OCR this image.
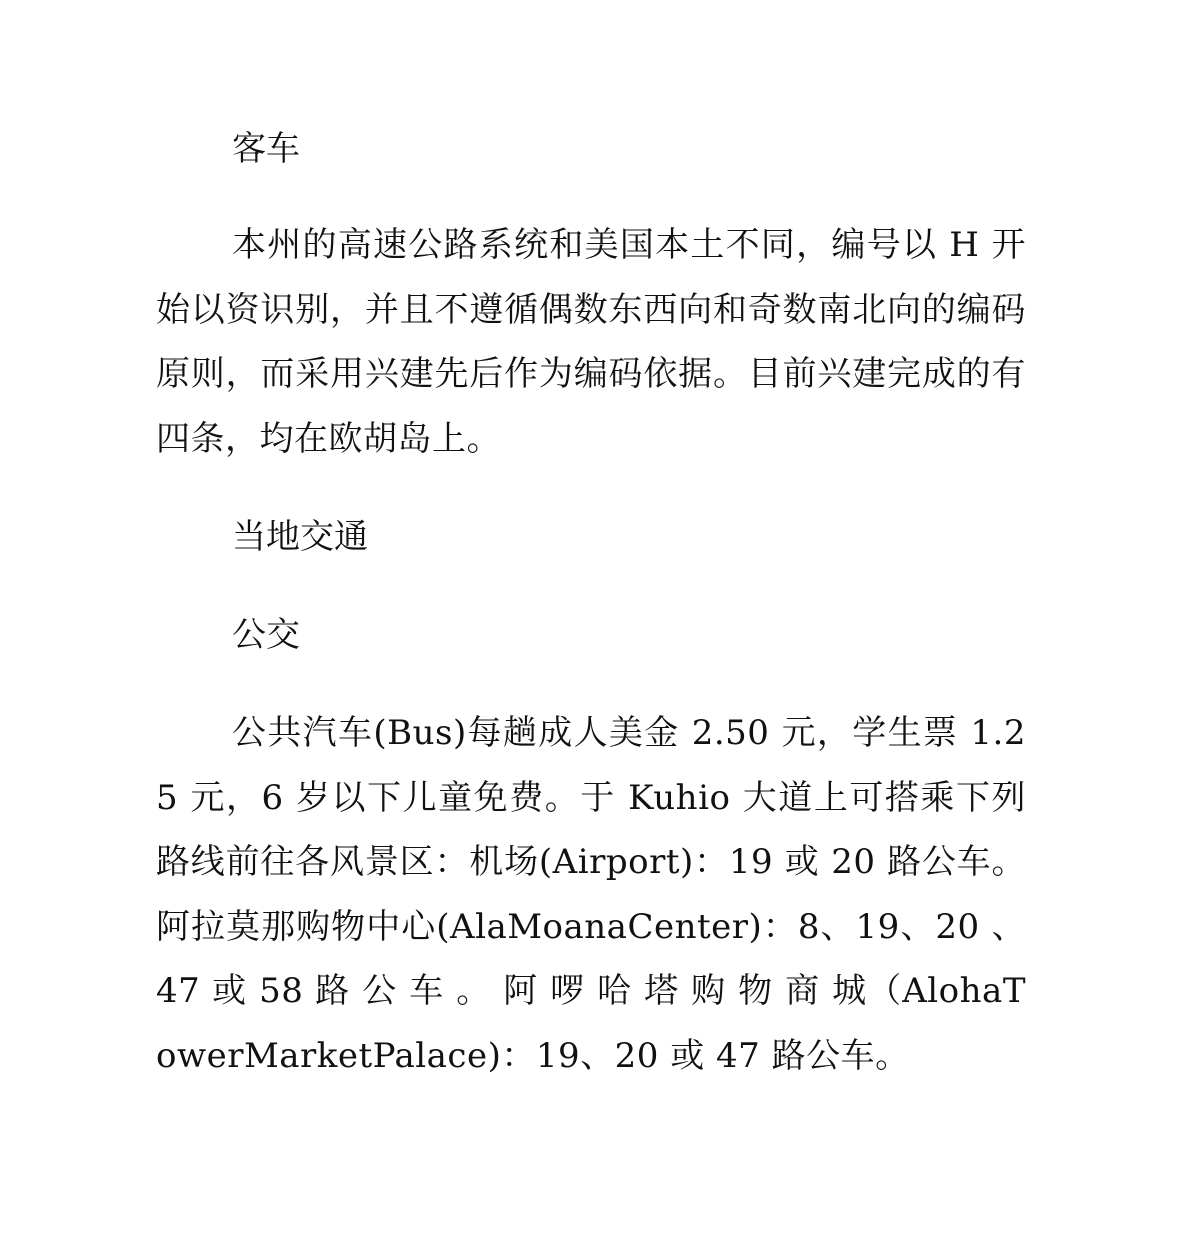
客车

本州的高速公路系统和美国本土不同，编号以 H 开始以资识别，并且不遵循偶数东西向和奇数南北向的编码原则，而采用兴建先后作为编码依据。目前兴建完成的有四条，均在欧胡岛上。

当地交通

公交

公共汽车(Bus)每趟成人美金 2.50 元，学生票 1.25 元，6 岁以下儿童免费。于 Kuhio 大道上可搭乘下列路线前往各风景区：机场(Airport)：19 或 20 路公车。阿拉莫那购物中心(AlaMoanaCenter)：8、19、20 、 47 或 58 路 公 车 。 阿 啰 哈 塔 购 物 商 城（AlohaTowerMarketPalace)：19、20 或 47 路公车。
